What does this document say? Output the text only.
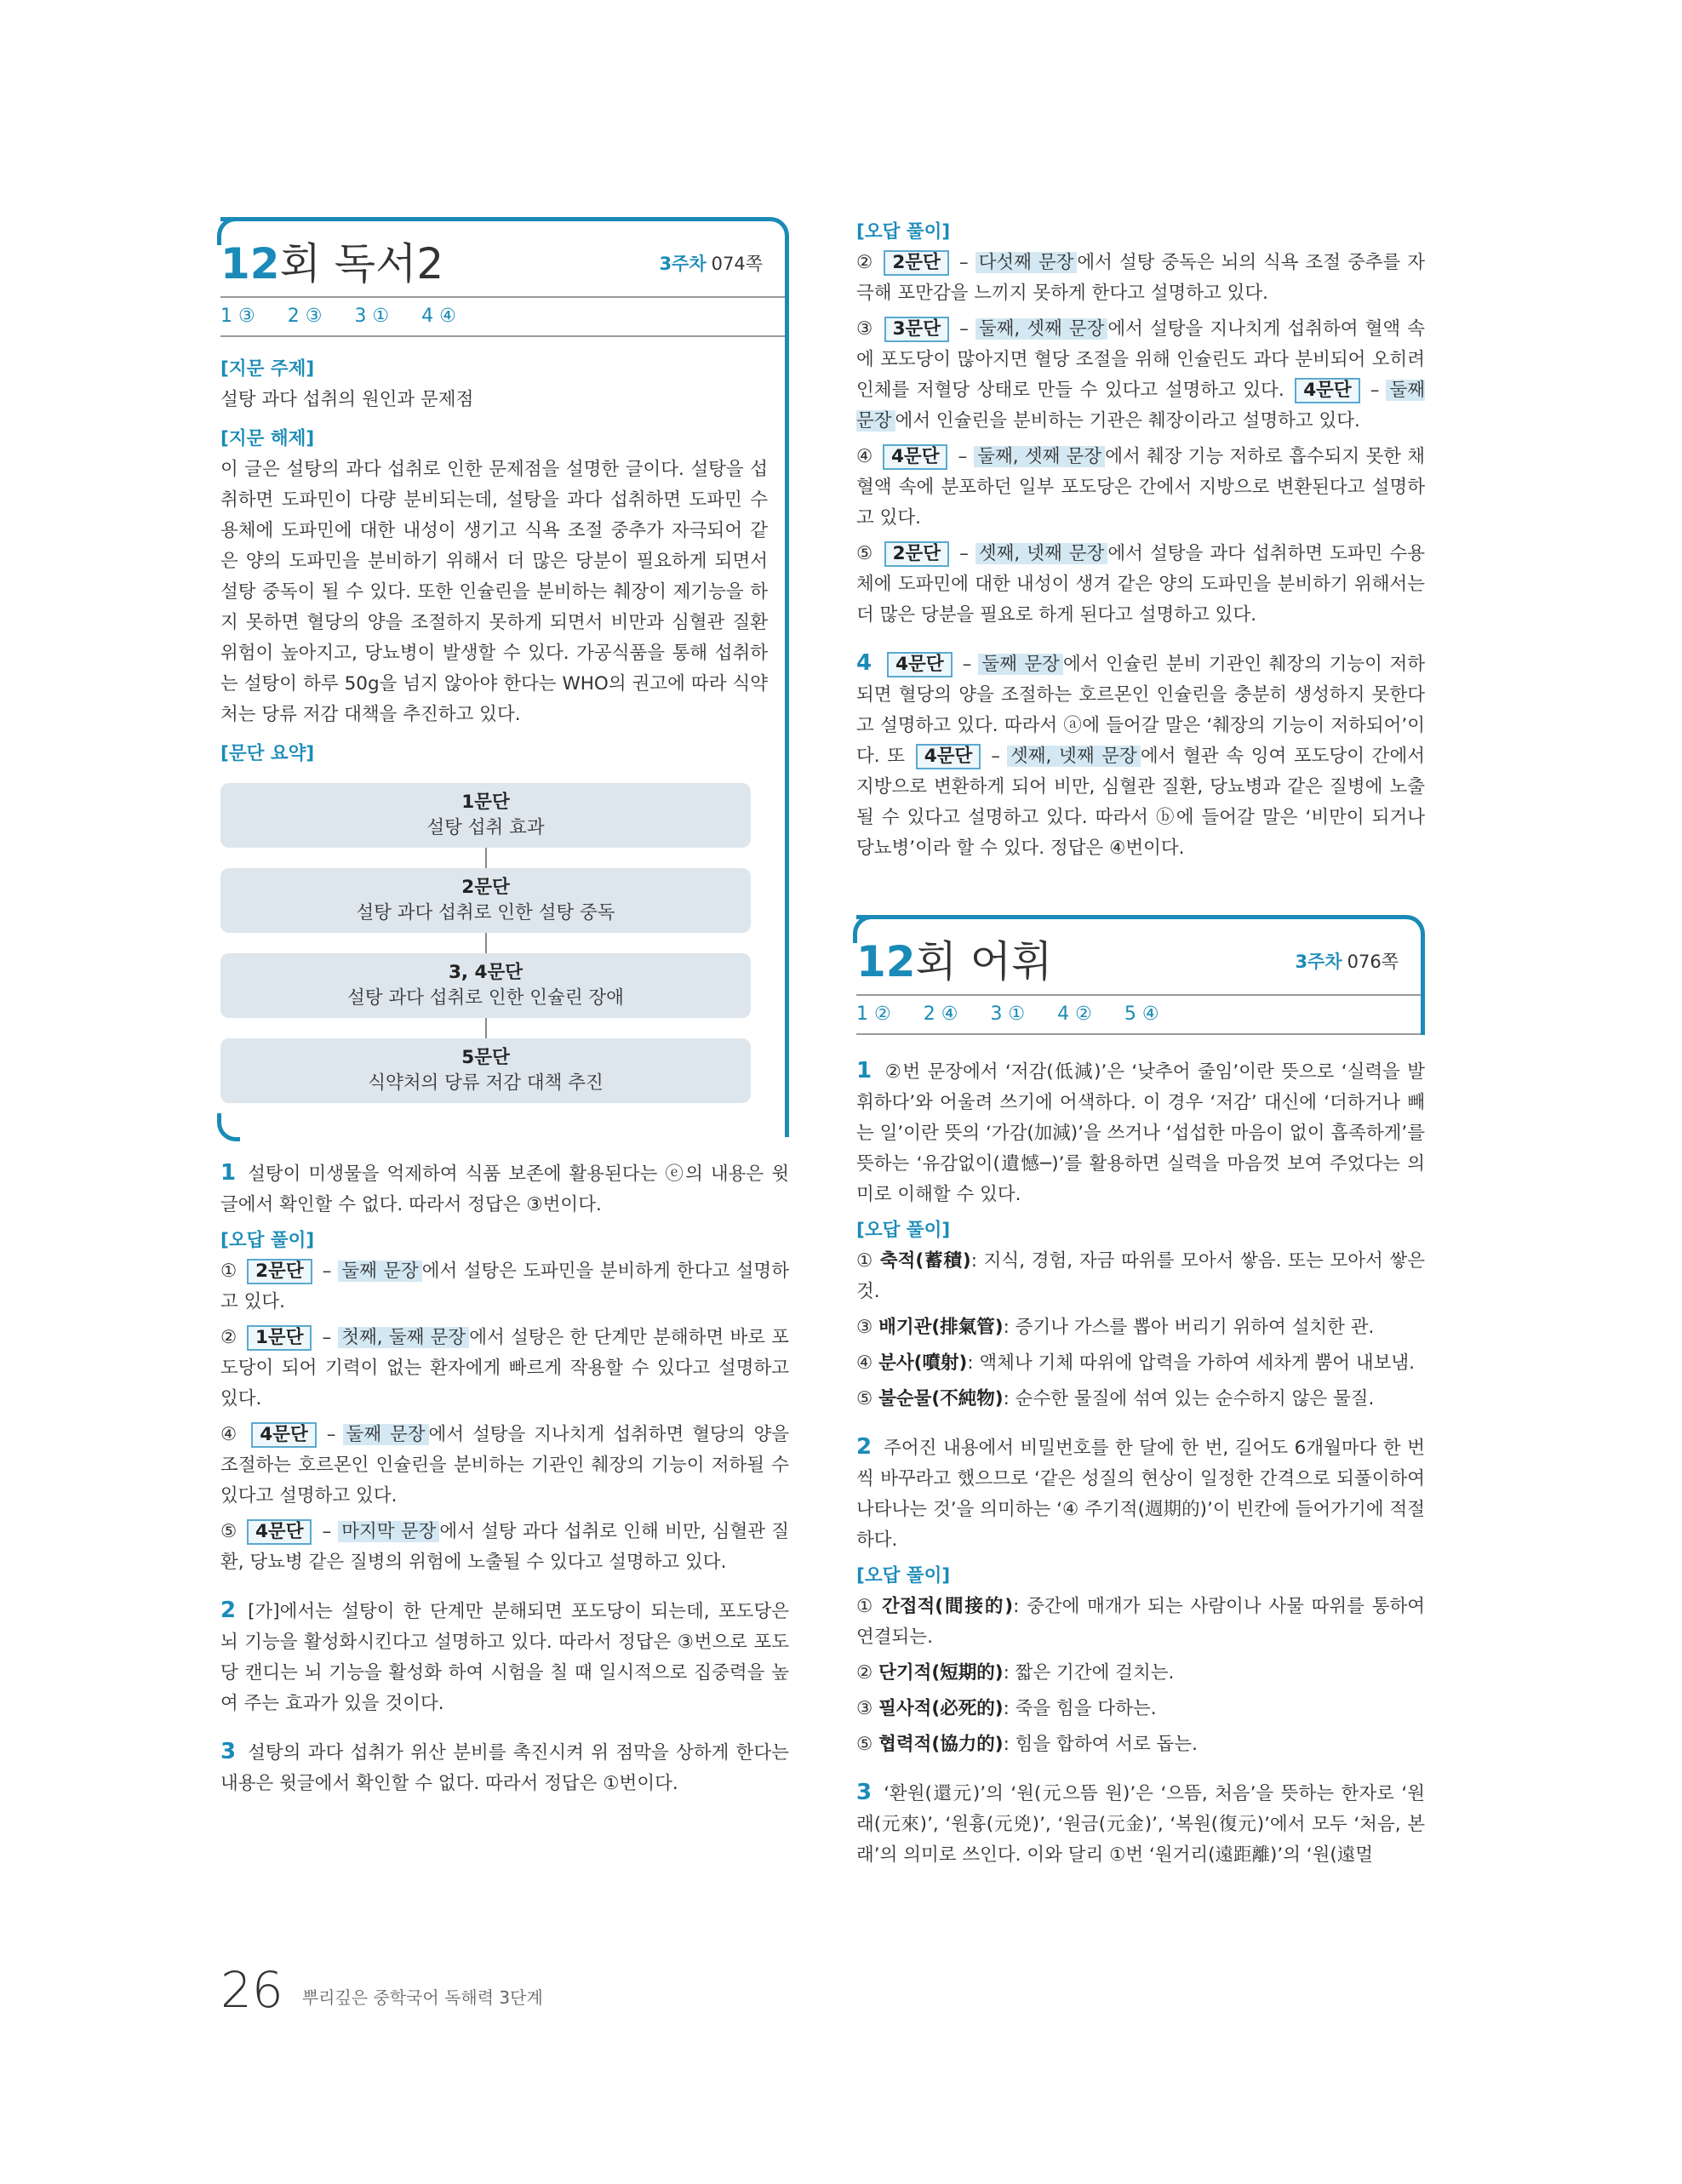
12회 독서2	3주차 074쪽
1 ③ 2 ③ 3 ① 4 ④

[지문 주제]

설탕 과다 섭취의 원인과 문제점

[지문 해제]

이 글은 설탕의 과다 섭취로 인한 문제점을 설명한 글이다. 설탕을 섭취하면 도파민이 다량 분비되는데, 설탕을 과다 섭취하면 도파민 수용체에 도파민에 대한 내성이 생기고 식욕 조절 중추가 자극되어 같은 양의 도파민을 분비하기 위해서 더 많은 당분이 필요하게 되면서 설탕 중독이 될 수 있다. 또한 인슐린을 분비하는 췌장이 제기능을 하지 못하면 혈당의 양을 조절하지 못하게 되면서 비만과 심혈관 질환 위험이 높아지고, 당뇨병이 발생할 수 있다. 가공식품을 통해 섭취하는 설탕이 하루 50g을 넘지 않아야 한다는 WHO의 권고에 따라 식약처는 당류 저감 대책을 추진하고 있다.

[문단 요약]

1문단
설탕 섭취 효과
2문단
설탕 과다 섭취로 인한 설탕 중독
3, 4문단
설탕 과다 섭취로 인한 인슐린 장애
5문단
식약처의 당류 저감 대책 추진

1 설탕이 미생물을 억제하여 식품 보존에 활용된다는 ⓔ의 내용은 윗글에서 확인할 수 없다. 따라서 정답은 ③번이다.

[오답 풀이]

① 2문단 – 둘째 문장 에서 설탕은 도파민을 분비하게 한다고 설명하고 있다.

② 1문단 – 첫째, 둘째 문장 에서 설탕은 한 단계만 분해하면 바로 포도당이 되어 기력이 없는 환자에게 빠르게 작용할 수 있다고 설명하고 있다.

④ 4문단 – 둘째 문장 에서 설탕을 지나치게 섭취하면 혈당의 양을 조절하는 호르몬인 인슐린을 분비하는 기관인 췌장의 기능이 저하될 수 있다고 설명하고 있다.

⑤ 4문단 – 마지막 문장 에서 설탕 과다 섭취로 인해 비만, 심혈관 질환, 당뇨병 같은 질병의 위험에 노출될 수 있다고 설명하고 있다.

2 [가]에서는 설탕이 한 단계만 분해되면 포도당이 되는데, 포도당은 뇌 기능을 활성화시킨다고 설명하고 있다. 따라서 정답은 ③번으로 포도당 캔디는 뇌 기능을 활성화 하여 시험을 칠 때 일시적으로 집중력을 높여 주는 효과가 있을 것이다.

3 설탕의 과다 섭취가 위산 분비를 촉진시켜 위 점막을 상하게 한다는 내용은 윗글에서 확인할 수 없다. 따라서 정답은 ①번이다.

[오답 풀이]

② 2문단 – 다섯째 문장 에서 설탕 중독은 뇌의 식욕 조절 중추를 자극해 포만감을 느끼지 못하게 한다고 설명하고 있다.

③ 3문단 – 둘째, 셋째 문장 에서 설탕을 지나치게 섭취하여 혈액 속에 포도당이 많아지면 혈당 조절을 위해 인슐린도 과다 분비되어 오히려 인체를 저혈당 상태로 만들 수 있다고 설명하고 있다. 4문단 – 둘째 문장 에서 인슐린을 분비하는 기관은 췌장이라고 설명하고 있다.

④ 4문단 – 둘째, 셋째 문장 에서 췌장 기능 저하로 흡수되지 못한 채 혈액 속에 분포하던 일부 포도당은 간에서 지방으로 변환된다고 설명하고 있다.

⑤ 2문단 – 셋째, 넷째 문장 에서 설탕을 과다 섭취하면 도파민 수용체에 도파민에 대한 내성이 생겨 같은 양의 도파민을 분비하기 위해서는 더 많은 당분을 필요로 하게 된다고 설명하고 있다.

4 4문단 – 둘째 문장 에서 인슐린 분비 기관인 췌장의 기능이 저하되면 혈당의 양을 조절하는 호르몬인 인슐린을 충분히 생성하지 못한다고 설명하고 있다. 따라서 ⓐ에 들어갈 말은 ‘췌장의 기능이 저하되어’이다. 또 4문단 – 셋째, 넷째 문장 에서 혈관 속 잉여 포도당이 간에서 지방으로 변환하게 되어 비만, 심혈관 질환, 당뇨병과 같은 질병에 노출될 수 있다고 설명하고 있다. 따라서 ⓑ에 들어갈 말은 ‘비만이 되거나 당뇨병’이라 할 수 있다. 정답은 ④번이다.

12회 어휘	3주차 076쪽
1 ② 2 ④ 3 ① 4 ② 5 ④

1 ②번 문장에서 ‘저감(低減)’은 ‘낮추어 줄임’이란 뜻으로 ‘실력을 발휘하다’와 어울려 쓰기에 어색하다. 이 경우 ‘저감’ 대신에 ‘더하거나 빼는 일’이란 뜻의 ‘가감(加減)’을 쓰거나 ‘섭섭한 마음이 없이 흡족하게’를 뜻하는 ‘유감없이(遺憾─)’를 활용하면 실력을 마음껏 보여 주었다는 의미로 이해할 수 있다.

[오답 풀이]

① 축적(蓄積): 지식, 경험, 자금 따위를 모아서 쌓음. 또는 모아서 쌓은 것.

③ 배기관(排氣管): 증기나 가스를 뽑아 버리기 위하여 설치한 관.

④ 분사(噴射): 액체나 기체 따위에 압력을 가하여 세차게 뿜어 내보냄.

⑤ 불순물(不純物): 순수한 물질에 섞여 있는 순수하지 않은 물질.

2 주어진 내용에서 비밀번호를 한 달에 한 번, 길어도 6개월마다 한 번씩 바꾸라고 했으므로 ‘같은 성질의 현상이 일정한 간격으로 되풀이하여 나타나는 것’을 의미하는 ‘④ 주기적(週期的)’이 빈칸에 들어가기에 적절하다.

[오답 풀이]

① 간접적(間接的): 중간에 매개가 되는 사람이나 사물 따위를 통하여 연결되는.

② 단기적(短期的): 짧은 기간에 걸치는.

③ 필사적(必死的): 죽을 힘을 다하는.

⑤ 협력적(協力的): 힘을 합하여 서로 돕는.

3 ‘환원(還元)’의 ‘원(元으뜸 원)’은 ‘으뜸, 처음’을 뜻하는 한자로 ‘원래(元來)’, ‘원흉(元兇)’, ‘원금(元金)’, ‘복원(復元)’에서 모두 ‘처음, 본래’의 의미로 쓰인다. 이와 달리 ①번 ‘원거리(遠距離)’의 ‘원(遠멀

26 뿌리깊은 중학국어 독해력 3단계
